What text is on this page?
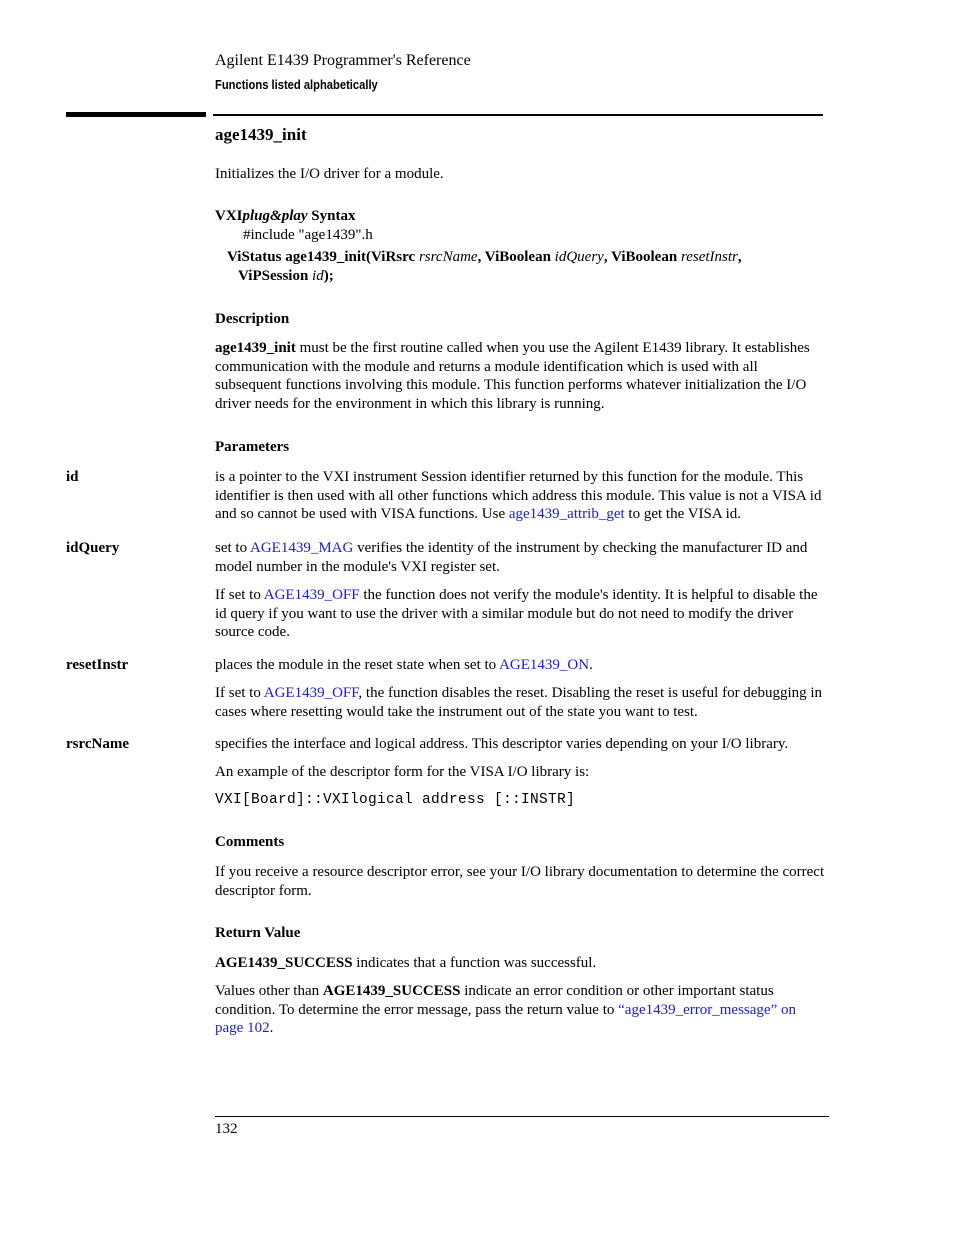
Agilent E1439 Programmer's Reference
Functions listed alphabetically
age1439_init
Initializes the I/O driver for a module.
VXIplug&play Syntax
#include "age1439".h
ViStatus age1439_init(ViRsrc rsrcName, ViBoolean idQuery, ViBoolean resetInstr,
ViPSession id);
Description
age1439_init must be the first routine called when you use the Agilent E1439 library. It establishes communication with the module and returns a module identification which is used with all subsequent functions involving this module. This function performs whatever initialization the I/O driver needs for the environment in which this library is running.
Parameters
id	is a pointer to the VXI instrument Session identifier returned by this function for the module. This identifier is then used with all other functions which address this module. This value is not a VISA id and so cannot be used with VISA functions. Use age1439_attrib_get to get the VISA id.
idQuery	set to AGE1439_MAG verifies the identity of the instrument by checking the manufacturer ID and model number in the module's VXI register set.
If set to AGE1439_OFF the function does not verify the module's identity. It is helpful to disable the id query if you want to use the driver with a similar module but do not need to modify the driver source code.
resetInstr	places the module in the reset state when set to AGE1439_ON.
If set to AGE1439_OFF, the function disables the reset. Disabling the reset is useful for debugging in cases where resetting would take the instrument out of the state you want to test.
rsrcName	specifies the interface and logical address. This descriptor varies depending on your I/O library.
An example of the descriptor form for the VISA I/O library is:
VXI[Board]::VXIlogical address [::INSTR]
Comments
If you receive a resource descriptor error, see your I/O library documentation to determine the correct descriptor form.
Return Value
AGE1439_SUCCESS indicates that a function was successful.
Values other than AGE1439_SUCCESS indicate an error condition or other important status condition. To determine the error message, pass the return value to “age1439_error_message” on page 102.
132
